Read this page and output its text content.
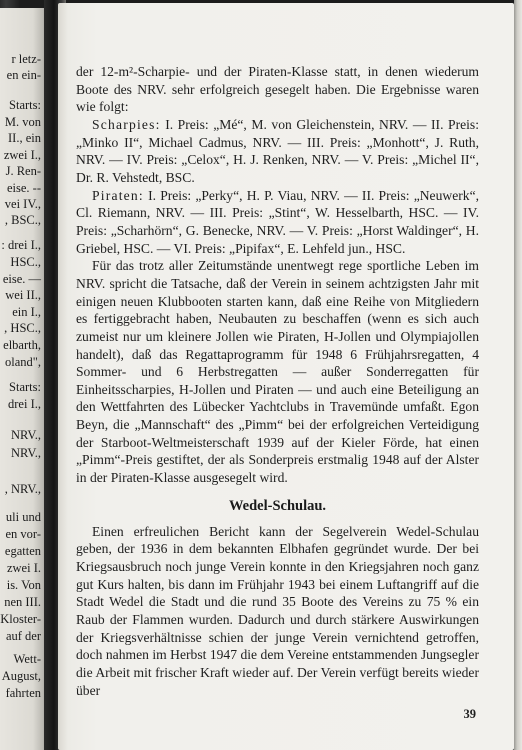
r letz-
en ein-
Starts:
M. von
II., ein
zwei I.,
J. Ren-
eise. --
vei IV.,
, BSC.,
: drei I.,
HSC.,
eise. —
wei II.,
ein I.,
, HSC.,
elbarth,
oland",
Starts:
drei I.,
NRV.,
NRV.,
, NRV.,
uli und
en vor-
egatten
zwei I.
is. Von
nen III.
Kloster-
auf der
Wett-
August,
fahrten

der 12-m²-Scharpie- und der Piraten-Klasse statt, in denen wiederum Boote des NRV. sehr erfolgreich gesegelt haben. Die Ergebnisse waren wie folgt:

Scharpies: I. Preis: „Mé“, M. von Gleichenstein, NRV. — II. Preis: „Minko II“, Michael Cadmus, NRV. — III. Preis: „Monhott“, J. Ruth, NRV. — IV. Preis: „Celox“, H. J. Renken, NRV. — V. Preis: „Michel II“, Dr. R. Vehstedt, BSC.

Piraten: I. Preis: „Perky“, H. P. Viau, NRV. — II. Preis: „Neuwerk“, Cl. Riemann, NRV. — III. Preis: „Stint“, W. Hesselbarth, HSC. — IV. Preis: „Scharhörn“, G. Benecke, NRV. — V. Preis: „Horst Waldinger“, H. Griebel, HSC. — VI. Preis: „Pipifax“, E. Lehfeld jun., HSC.

Für das trotz aller Zeitumstände unentwegt rege sportliche Leben im NRV. spricht die Tatsache, daß der Verein in seinem achtzigsten Jahr mit einigen neuen Klubbooten starten kann, daß eine Reihe von Mitgliedern es fertiggebracht haben, Neubauten zu beschaffen (wenn es sich auch zumeist nur um kleinere Jollen wie Piraten, H-Jollen und Olympiajollen handelt), daß das Regattaprogramm für 1948 6 Frühjahrsregatten, 4 Sommer- und 6 Herbstregatten — außer Sonderregatten für Einheitsscharpies, H-Jollen und Piraten — und auch eine Beteiligung an den Wettfahrten des Lübecker Yachtclubs in Travemünde umfaßt. Egon Beyn, die „Mannschaft“ des „Pimm“ bei der erfolgreichen Verteidigung der Starboot-Weltmeisterschaft 1939 auf der Kieler Förde, hat einen „Pimm“-Preis gestiftet, der als Sonderpreis erstmalig 1948 auf der Alster in der Piraten-Klasse ausgesegelt wird.

Wedel-Schulau.

Einen erfreulichen Bericht kann der Segelverein Wedel-Schulau geben, der 1936 in dem bekannten Elbhafen gegründet wurde. Der bei Kriegsausbruch noch junge Verein konnte in den Kriegsjahren noch ganz gut Kurs halten, bis dann im Frühjahr 1943 bei einem Luftangriff auf die Stadt Wedel die Stadt und die rund 35 Boote des Vereins zu 75 % ein Raub der Flammen wurden. Dadurch und durch stärkere Auswirkungen der Kriegsverhältnisse schien der junge Verein vernichtend getroffen, doch nahmen im Herbst 1947 die dem Vereine entstammenden Jungsegler die Arbeit mit frischer Kraft wieder auf. Der Verein verfügt bereits wieder über

39
